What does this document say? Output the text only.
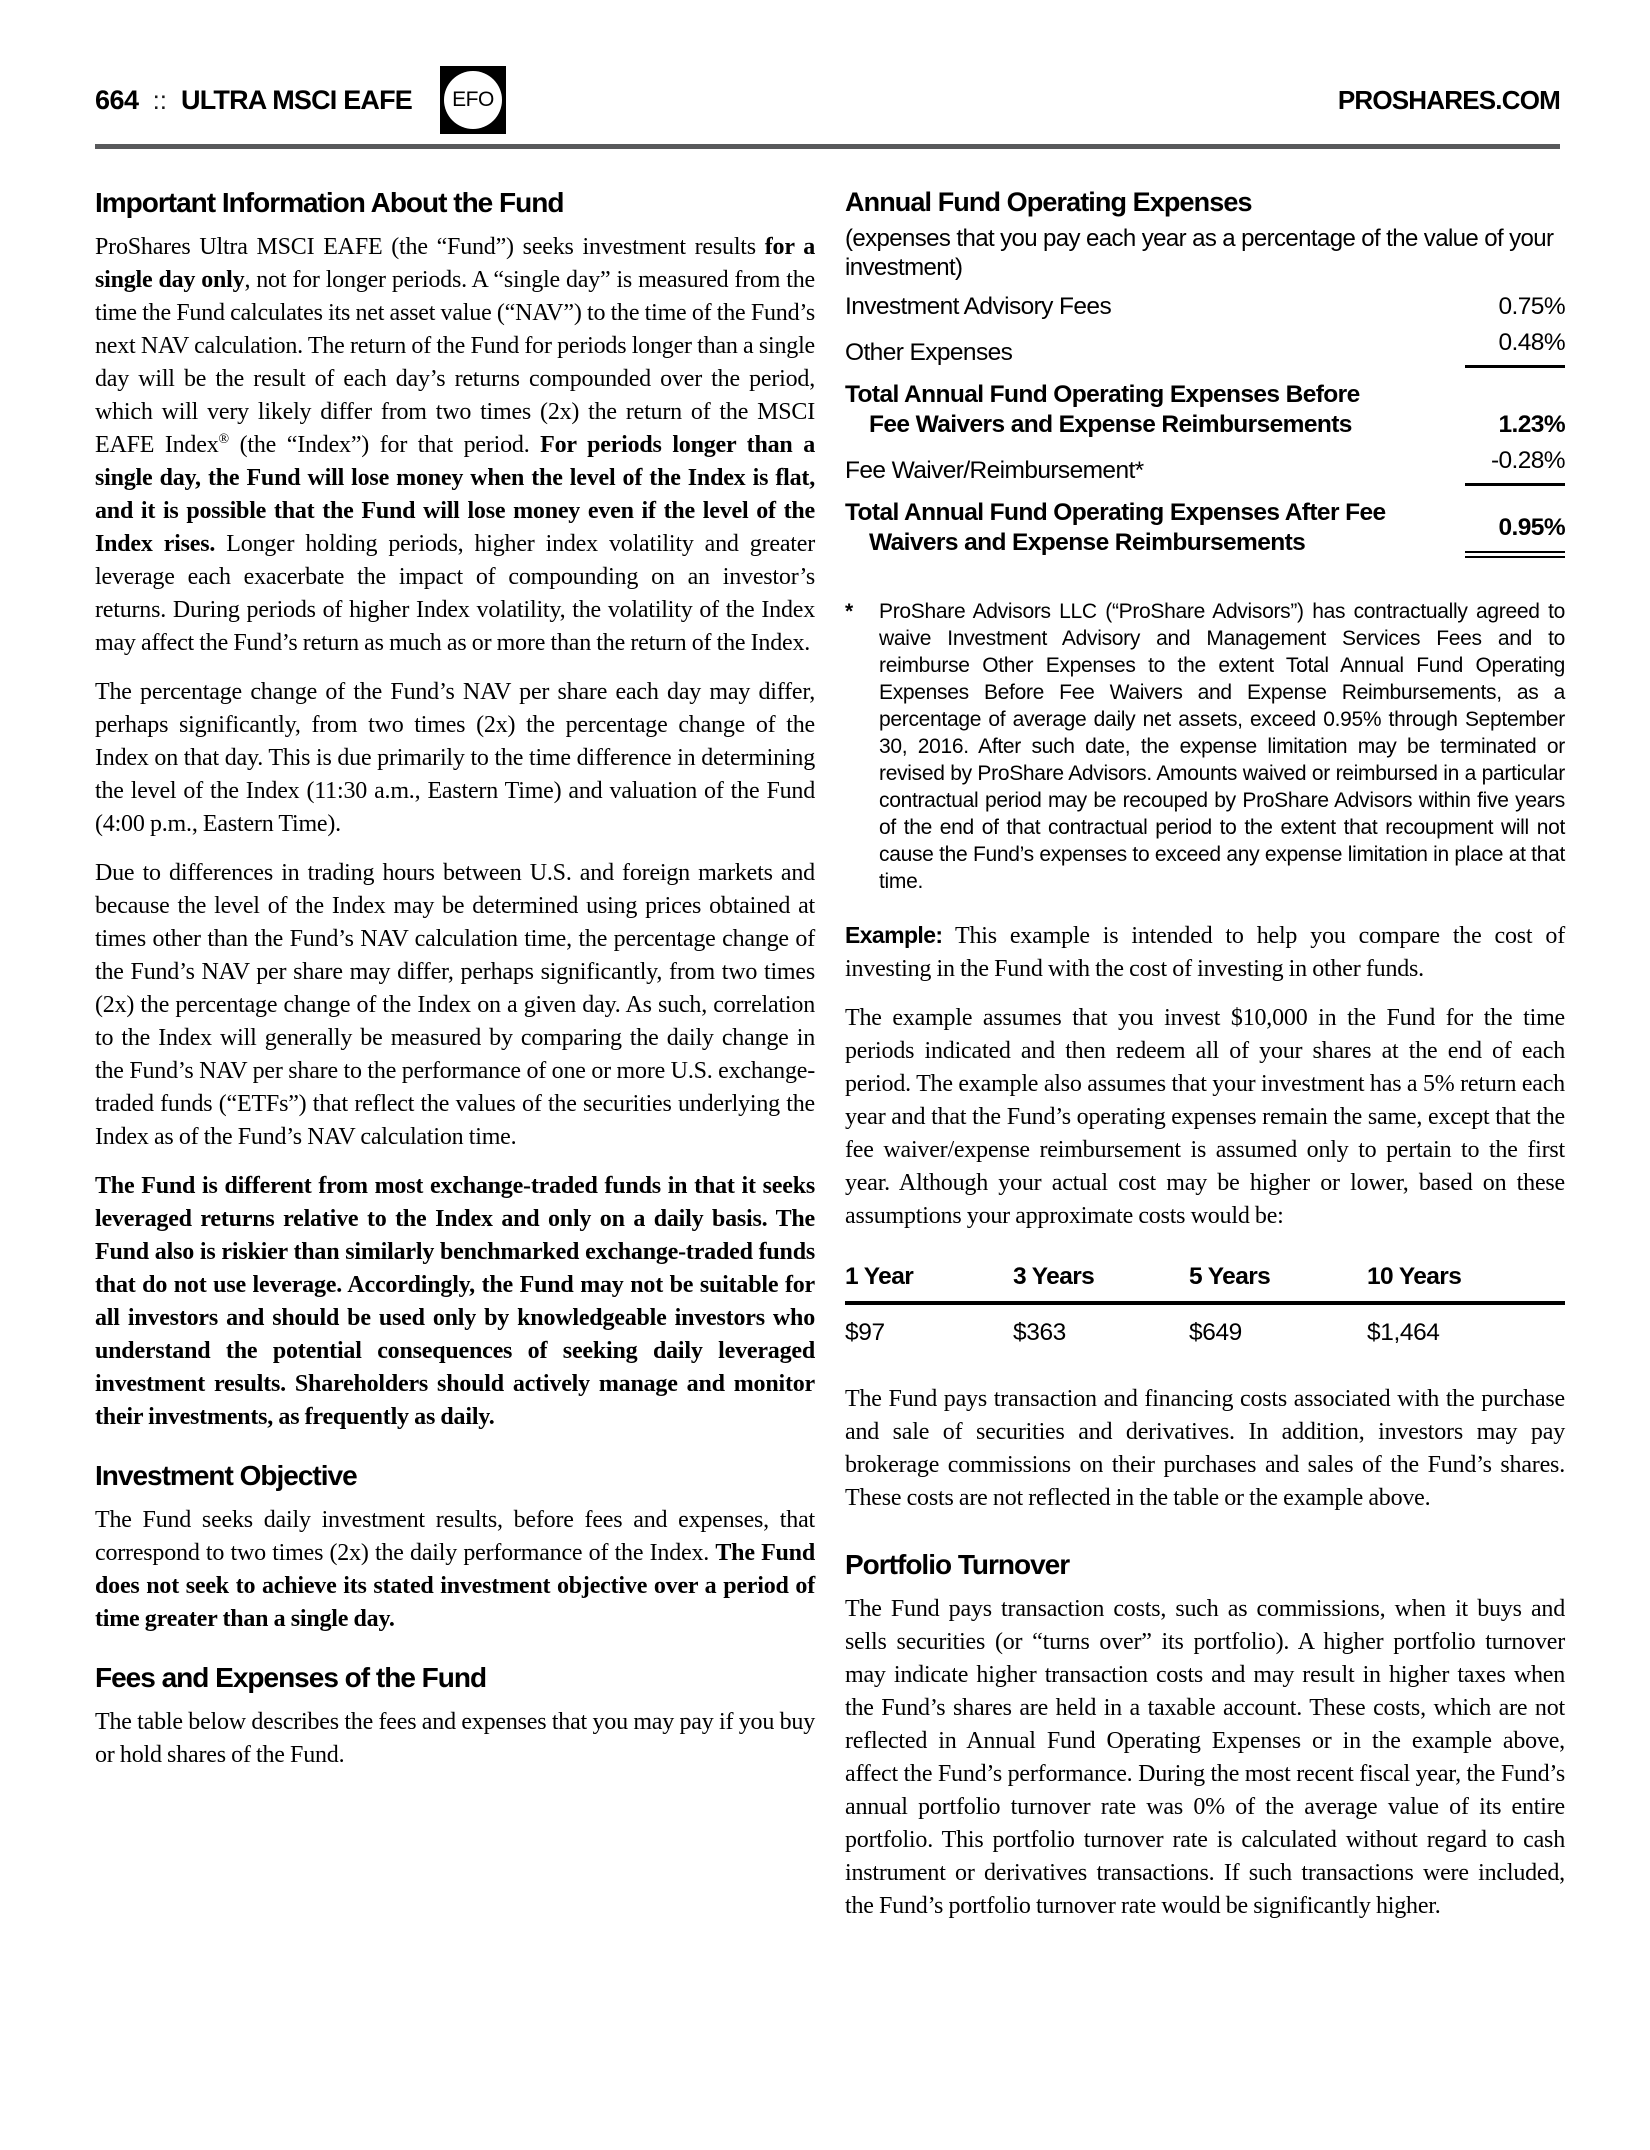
664 :: ULTRA MSCI EAFE	EFO	PROSHARES.COM
Important Information About the Fund

ProShares Ultra MSCI EAFE (the “Fund”) seeks investment results for a single day only, not for longer periods. A “single day” is measured from the time the Fund calculates its net asset value (“NAV”) to the time of the Fund’s next NAV calculation. The return of the Fund for periods longer than a single day will be the result of each day’s returns compounded over the period, which will very likely differ from two times (2x) the return of the MSCI EAFE Index® (the “Index”) for that period. For periods longer than a single day, the Fund will lose money when the level of the Index is flat, and it is possible that the Fund will lose money even if the level of the Index rises. Longer holding periods, higher index volatility and greater leverage each exacerbate the impact of compounding on an investor’s returns. During periods of higher Index volatility, the volatility of the Index may affect the Fund’s return as much as or more than the return of the Index.

The percentage change of the Fund’s NAV per share each day may differ, perhaps significantly, from two times (2x) the percentage change of the Index on that day. This is due primarily to the time difference in determining the level of the Index (11:30 a.m., Eastern Time) and valuation of the Fund (4:00 p.m., Eastern Time).

Due to differences in trading hours between U.S. and foreign markets and because the level of the Index may be determined using prices obtained at times other than the Fund’s NAV calculation time, the percentage change of the Fund’s NAV per share may differ, perhaps significantly, from two times (2x) the percentage change of the Index on a given day. As such, correlation to the Index will generally be measured by comparing the daily change in the Fund’s NAV per share to the performance of one or more U.S. exchange-traded funds (“ETFs”) that reflect the values of the securities underlying the Index as of the Fund’s NAV calculation time.

The Fund is different from most exchange-traded funds in that it seeks leveraged returns relative to the Index and only on a daily basis. The Fund also is riskier than similarly benchmarked exchange-traded funds that do not use leverage. Accordingly, the Fund may not be suitable for all investors and should be used only by knowledgeable investors who understand the potential consequences of seeking daily leveraged investment results. Shareholders should actively manage and monitor their investments, as frequently as daily.

Investment Objective

The Fund seeks daily investment results, before fees and expenses, that correspond to two times (2x) the daily performance of the Index. The Fund does not seek to achieve its stated investment objective over a period of time greater than a single day.

Fees and Expenses of the Fund

The table below describes the fees and expenses that you may pay if you buy or hold shares of the Fund.

Annual Fund Operating Expenses
(expenses that you pay each year as a percentage of the value of your investment)
Investment Advisory Fees	0.75%
Other Expenses	0.48%
Total Annual Fund Operating Expenses Before
Fee Waivers and Expense Reimbursements	1.23%
Fee Waiver/Reimbursement*	-0.28%
Total Annual Fund Operating Expenses After Fee
Waivers and Expense Reimbursements
0.95%
*	ProShare Advisors LLC (“ProShare Advisors”) has contractually agreed to waive Investment Advisory and Management Services Fees and to reimburse Other Expenses to the extent Total Annual Fund Operating Expenses Before Fee Waivers and Expense Reimbursements, as a percentage of average daily net assets, exceed 0.95% through September 30, 2016. After such date, the expense limitation may be terminated or revised by ProShare Advisors. Amounts waived or reimbursed in a particular contractual period may be recouped by ProShare Advisors within five years of the end of that contractual period to the extent that recoupment will not cause the Fund’s expenses to exceed any expense limitation in place at that time.

Example: This example is intended to help you compare the cost of investing in the Fund with the cost of investing in other funds.

The example assumes that you invest $10,000 in the Fund for the time periods indicated and then redeem all of your shares at the end of each period. The example also assumes that your investment has a 5% return each year and that the Fund’s operating expenses remain the same, except that the fee waiver/expense reimbursement is assumed only to pertain to the first year. Although your actual cost may be higher or lower, based on these assumptions your approximate costs would be:

1 Year	3 Years	5 Years	10 Years
$97	$363	$649	$1,464

The Fund pays transaction and financing costs associated with the purchase and sale of securities and derivatives. In addition, investors may pay brokerage commissions on their purchases and sales of the Fund’s shares. These costs are not reflected in the table or the example above.

Portfolio Turnover

The Fund pays transaction costs, such as commissions, when it buys and sells securities (or “turns over” its portfolio). A higher portfolio turnover may indicate higher transaction costs and may result in higher taxes when the Fund’s shares are held in a taxable account. These costs, which are not reflected in Annual Fund Operating Expenses or in the example above, affect the Fund’s performance. During the most recent fiscal year, the Fund’s annual portfolio turnover rate was 0% of the average value of its entire portfolio. This portfolio turnover rate is calculated without regard to cash instrument or derivatives transactions. If such transactions were included, the Fund’s portfolio turnover rate would be significantly higher.
